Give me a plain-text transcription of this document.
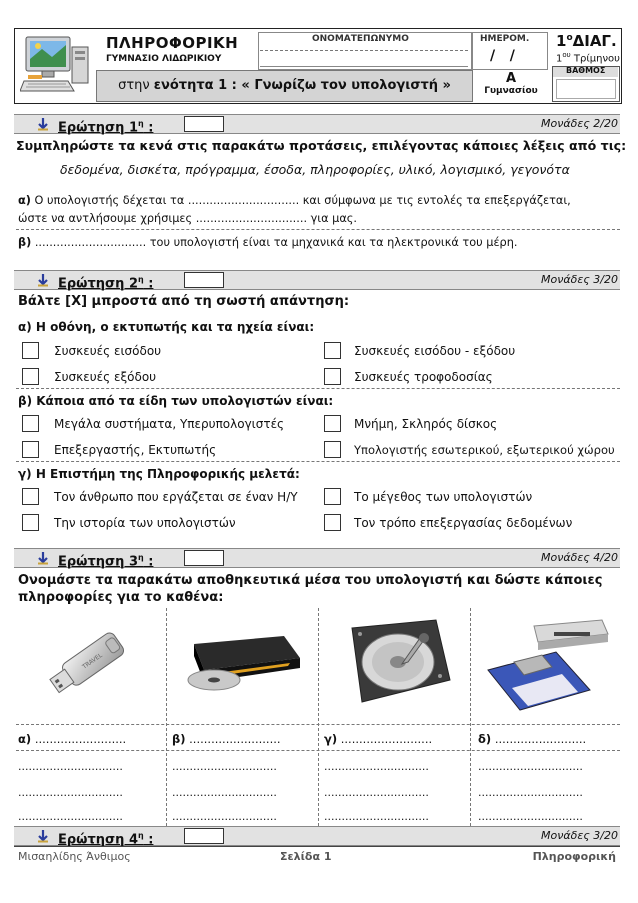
ΠΛΗΡΟΦΟΡΙΚΗ
ΓΥΜΝΑΣΙΟ ΛΙΔΩΡΙΚΙΟΥ
ΟΝΟΜΑΤΕΠΩΝΥΜΟ	ΗΜΕΡΟΜ.
/   /
$1^o\Delta IA\Gamma$.
$1^{o\upsilon}$ Τρίμηνου
ΒΑΘΜΟΣ
στην ενότητα 1 : « Γνωρίζω τον υπολογιστή »	Α
Γυμνασίου
Ερώτηση $1^\eta$ :	Μονάδες 2/20
Συμπληρώστε τα κενά στις παρακάτω προτάσεις, επιλέγοντας κάποιες λέξεις από τις:
δεδομένα, δισκέτα, πρόγραμμα, έσοδα, πληροφορίες, υλικό, λογισμικό, γεγονότα
α) Ο υπολογιστής δέχεται τα ............................... και σύμφωνα με τις εντολές τα επεξεργάζεται,
ώστε να αντλήσουμε χρήσιμες ............................... για μας.
β) ............................... του υπολογιστή είναι τα μηχανικά και τα ηλεκτρονικά του μέρη.
Ερώτηση $2^\eta$ :	Μονάδες 3/20
Βάλτε [Χ] μπροστά από τη σωστή απάντηση:
α) Η οθόνη, ο εκτυπωτής και τα ηχεία είναι:
Συσκευές εισόδου	Συσκευές εισόδου - εξόδου
Συσκευές εξόδου	Συσκευές τροφοδοσίας
β) Κάποια από τα είδη των υπολογιστών είναι:
Μεγάλα συστήματα, Υπερυπολογιστές	Μνήμη, Σκληρός δίσκος
Επεξεργαστής, Εκτυπωτής	Υπολογιστής εσωτερικού, εξωτερικού χώρου
γ) Η Επιστήμη της Πληροφορικής μελετά:
Τον άνθρωπο που εργάζεται σε έναν Η/Υ	Το μέγεθος των υπολογιστών
Την ιστορία των υπολογιστών	Τον τρόπο επεξεργασίας δεδομένων
Ερώτηση $3^\eta$ :	Μονάδες 4/20
Ονομάστε τα παρακάτω αποθηκευτικά μέσα του υπολογιστή και δώστε κάποιες
πληροφορίες για το καθένα:
TRAVEL
α) .........................	β) .........................	γ) .........................	δ) .........................
..............................	..............................	..............................	..............................
..............................	..............................	..............................	..............................
..............................	..............................	..............................	..............................
Ερώτηση $4^\eta$ :	Μονάδες 3/20
Μισαηλίδης Άνθιμος	Σελίδα 1	Πληροφορική
